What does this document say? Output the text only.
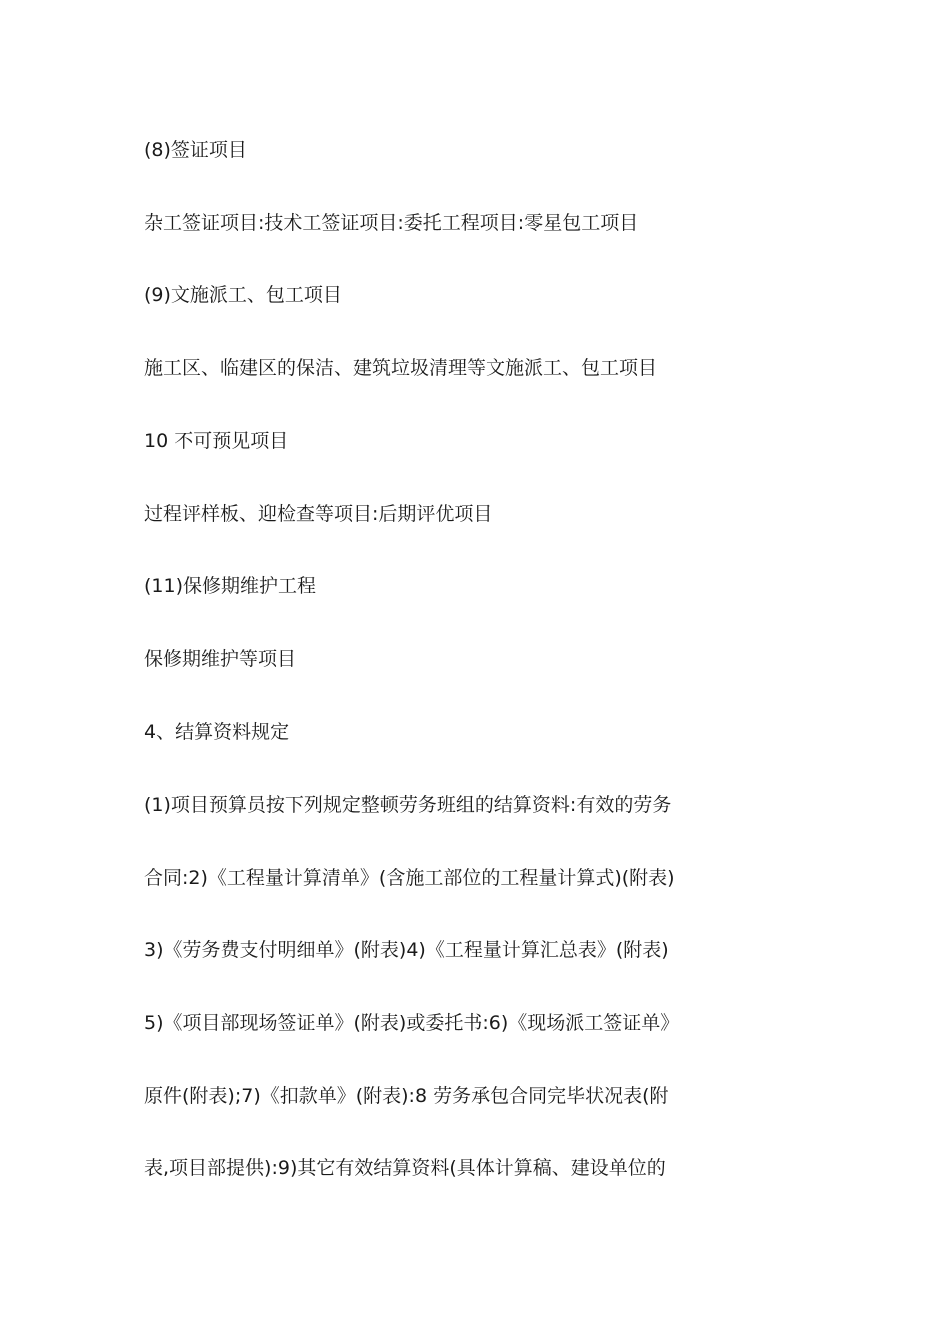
(8)签证项目

杂工签证项目:技术工签证项目:委托工程项目:零星包工项目

(9)文施派工、包工项目

施工区、临建区的保洁、建筑垃圾清理等文施派工、包工项目

10 不可预见项目

过程评样板、迎检查等项目:后期评优项目

(11)保修期维护工程

保修期维护等项目

4、结算资料规定

(1)项目预算员按下列规定整顿劳务班组的结算资料:有效的劳务

合同:2)《工程量计算清单》(含施工部位的工程量计算式)(附表)

3)《劳务费支付明细单》(附表)4)《工程量计算汇总表》(附表)

5)《项目部现场签证单》(附表)或委托书:6)《现场派工签证单》

原件(附表);7)《扣款单》(附表):8 劳务承包合同完毕状况表(附

表,项目部提供):9)其它有效结算资料(具体计算稿、建设单位的
